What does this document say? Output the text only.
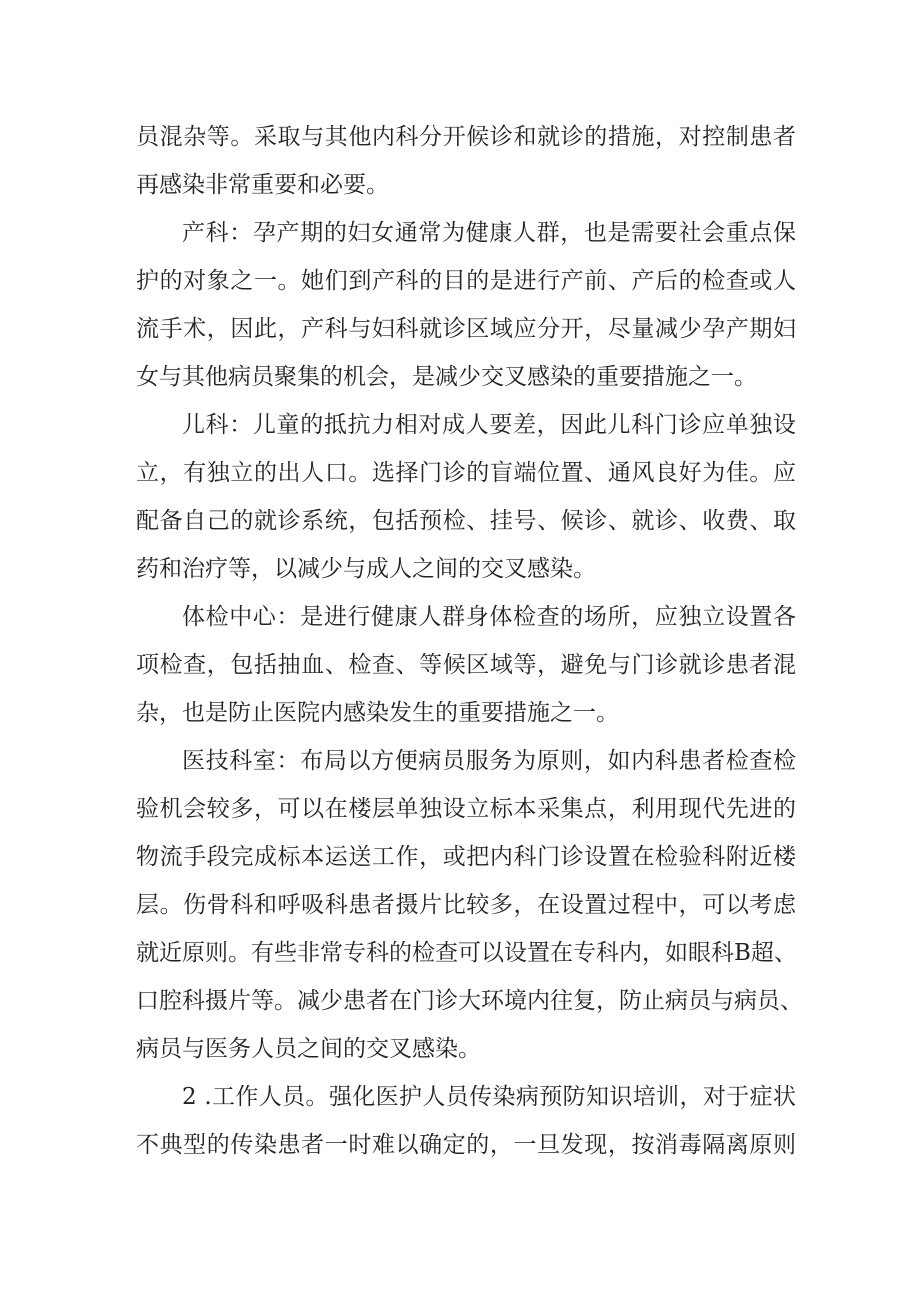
员混杂等。采取与其他内科分开候诊和就诊的措施，对控制患者
再感染非常重要和必要。
产科：孕产期的妇女通常为健康人群，也是需要社会重点保
护的对象之一。她们到产科的目的是进行产前、产后的检查或人
流手术，因此，产科与妇科就诊区域应分开，尽量减少孕产期妇
女与其他病员聚集的机会，是减少交叉感染的重要措施之一。
儿科：儿童的抵抗力相对成人要差，因此儿科门诊应单独设
立，有独立的出人口。选择门诊的盲端位置、通风良好为佳。应
配备自己的就诊系统，包括预检、挂号、候诊、就诊、收费、取
药和治疗等，以减少与成人之间的交叉感染。
体检中心：是进行健康人群身体检查的场所，应独立设置各
项检查，包括抽血、检查、等候区域等，避免与门诊就诊患者混
杂，也是防止医院内感染发生的重要措施之一。
医技科室：布局以方便病员服务为原则，如内科患者检查检
验机会较多，可以在楼层单独设立标本采集点，利用现代先进的
物流手段完成标本运送工作，或把内科门诊设置在检验科附近楼
层。伤骨科和呼吸科患者摄片比较多，在设置过程中，可以考虑
就近原则。有些非常专科的检查可以设置在专科内，如眼科B超、
口腔科摄片等。减少患者在门诊大环境内往复，防止病员与病员、
病员与医务人员之间的交叉感染。
2 .工作人员。强化医护人员传染病预防知识培训，对于症状
不典型的传染患者一时难以确定的，一旦发现，按消毒隔离原则
